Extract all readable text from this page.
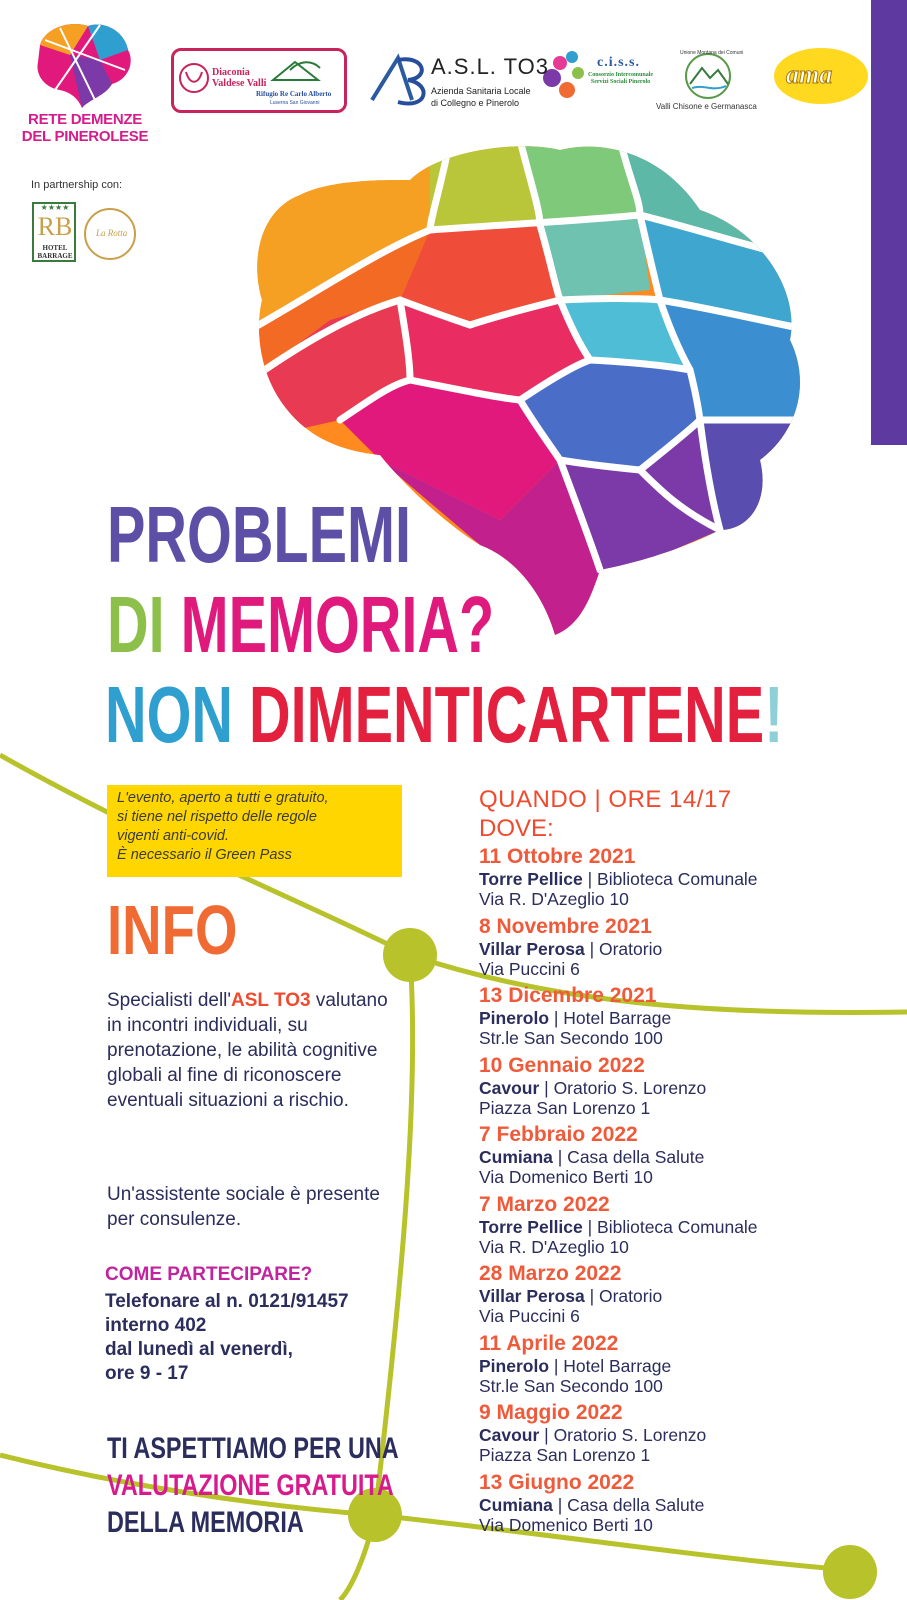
RETE DEMENZE DEL PINEROLESE
In partnership con:
Diaconia Valdese Valli
Rifugio Re Carlo Alberto
Luserna San Giovanni
A.S.L. TO3
Azienda Sanitaria Locale
di Collegno e Pinerolo
c.i.s.s.
Consorzio Intercomunale Servizi Sociali Pinerolo
Unione Montana dei Comuni
Valli Chisone e Germanasca
ama
★★★★
RB
HOTEL BARRAGE
La Rotta
PROBLEMI
DI MEMORIA?
NON DIMENTICARTENE!
L'evento, aperto a tutti e gratuito,
si tiene nel rispetto delle regole
vigenti anti-covid.
È necessario il Green Pass
INFO
Specialisti dell'ASL TO3 valutano in incontri individuali, su prenotazione, le abilità cognitive globali al fine di riconoscere eventuali situazioni a rischio.
Un'assistente sociale è presente per consulenze.
COME PARTECIPARE?
Telefonare al n. 0121/91457
interno 402
dal lunedì al venerdì,
ore 9 - 17
TI ASPETTIAMO PER UNA
VALUTAZIONE GRATUITA
DELLA MEMORIA
QUANDO | ORE 14/17
DOVE:
11 Ottobre 2021
Torre Pellice | Biblioteca Comunale
Via R. D'Azeglio 10
8 Novembre 2021
Villar Perosa | Oratorio
Via Puccini 6
13 Dicembre 2021
Pinerolo | Hotel Barrage
Str.le San Secondo 100
10 Gennaio 2022
Cavour | Oratorio S. Lorenzo
Piazza San Lorenzo 1
7 Febbraio 2022
Cumiana | Casa della Salute
Via Domenico Berti 10
7 Marzo 2022
Torre Pellice | Biblioteca Comunale
Via R. D'Azeglio 10
28 Marzo 2022
Villar Perosa | Oratorio
Via Puccini 6
11 Aprile 2022
Pinerolo | Hotel Barrage
Str.le San Secondo 100
9 Maggio 2022
Cavour | Oratorio S. Lorenzo
Piazza San Lorenzo 1
13 Giugno 2022
Cumiana | Casa della Salute
Via Domenico Berti 10
